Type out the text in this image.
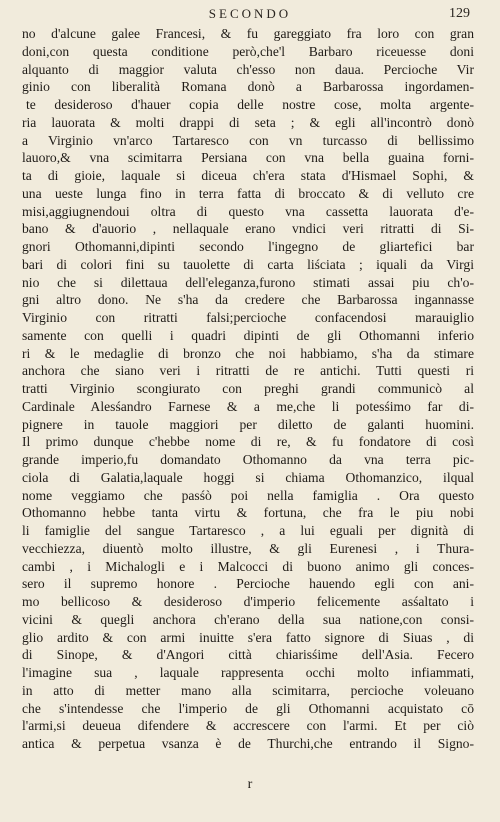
SECONDO	129
no d'alcune galee Francesi, & fu gareggiato fra loro con gran
doni,con questa conditione però,che'l Barbaro riceuesse doni
alquanto di maggior valuta ch'esso non daua. Percioche Vir
ginio con liberalità Romana donò a Barbarossa ingordamen-
te desideroso d'hauer copia delle nostre cose, molta argente-
ria lauorata & molti drappi di seta ; & egli all'incontrò donò
a Virginio vn'arco Tartaresco con vn turcasso di bellissimo
lauoro,& vna scimitarra Persiana con vna bella guaina forni-
ta di gioie, laquale si diceua ch'era stata d'Hismael Sophi, &
una ueste lunga fino in terra fatta di broccato & di velluto cre
misi,aggiugnendoui oltra di questo vna cassetta lauorata d'e-
bano & d'auorio , nellaquale erano vndici veri ritratti di Si-
gnori Othomanni,dipinti secondo l'ingegno de gliartefici bar
bari di colori fini su tauolette di carta liściata ; iquali da Virgi
nio che si dilettaua dell'eleganza,furono stimati assai piu ch'o-
gni altro dono. Ne s'ha da credere che Barbarossa ingannasse
Virginio con ritratti falsi;percioche confacendosi marauiglio
samente con quelli i quadri dipinti de gli Othomanni inferio
ri & le medaglie di bronzo che noi habbiamo, s'ha da stimare
anchora che siano veri i ritratti de re antichi. Tutti questi ri
tratti Virginio scongiurato con preghi grandi communicò al
Cardinale Alesśandro Farnese & a me,che li potesśimo far di-
pignere in tauole maggiori per diletto de galanti huomini.
Il primo dunque c'hebbe nome di re, & fu fondatore di così
grande imperio,fu domandato Othomanno da vna terra pic-
ciola di Galatia,laquale hoggi si chiama Othomanzico, ilqual
nome veggiamo che pasśò poi nella famiglia . Ora questo
Othomanno hebbe tanta virtu & fortuna, che fra le piu nobi
li famiglie del sangue Tartaresco , a lui eguali per dignità di
vecchiezza, diuentò molto illustre, & gli Eurenesi , i Thura-
cambi , i Michalogli e i Malcocci di buono animo gli conces-
sero il supremo honore . Percioche hauendo egli con ani-
mo bellicoso & desideroso d'imperio felicemente asśaltato i
vicini & quegli anchora ch'erano della sua natione,con consi-
glio ardito & con armi inuitte s'era fatto signore di Siuas , di
di Sinope, & d'Angori città chiarisśime dell'Asia. Fecero
l'imagine sua , laquale rappresenta occhi molto infiammati,
in atto di metter mano alla scimitarra, percioche voleuano
che s'intendesse che l'imperio de gli Othomanni acquistato cō
l'armi,si deueua difendere & accrescere con l'armi. Et per ciò
antica & perpetua vsanza è de Thurchi,che entrando il Signo-
r
